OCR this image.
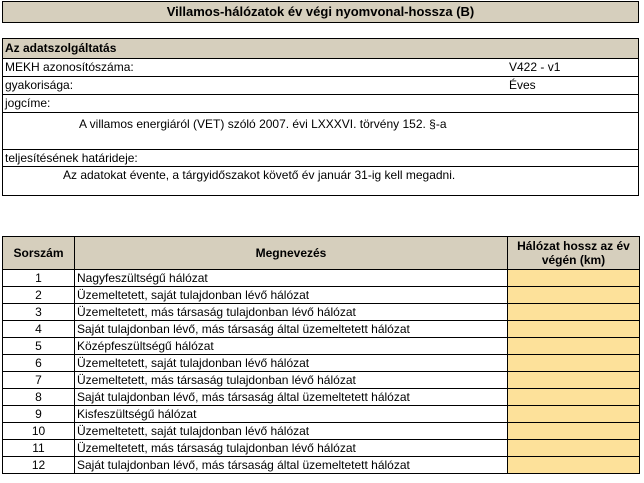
Villamos-hálózatok év végi nyomvonal-hossza (B)
Az adatszolgáltatás
MEKH azonosítószáma:	V422 - v1
gyakorisága:	Éves
jogcíme:
A villamos energiáról (VET) szóló 2007. évi LXXXVI. törvény 152. §-a
teljesítésének határideje:
Az adatokat évente, a tárgyidőszakot követő év január 31-ig kell megadni.
Sorszám	Megnevezés	Hálózat hossz az év végén (km)
1	Nagyfeszültségű hálózat	
2	Üzemeltetett, saját tulajdonban lévő hálózat	
3	Üzemeltetett, más társaság tulajdonban lévő hálózat	
4	Saját tulajdonban lévő, más társaság által üzemeltetett hálózat	
5	Középfeszültségű hálózat	
6	Üzemeltetett, saját tulajdonban lévő hálózat	
7	Üzemeltetett, más társaság tulajdonban lévő hálózat	
8	Saját tulajdonban lévő, más társaság által üzemeltetett hálózat	
9	Kisfeszültségű hálózat	
10	Üzemeltetett, saját tulajdonban lévő hálózat	
11	Üzemeltetett, más társaság tulajdonban lévő hálózat	
12	Saját tulajdonban lévő, más társaság által üzemeltetett hálózat	
